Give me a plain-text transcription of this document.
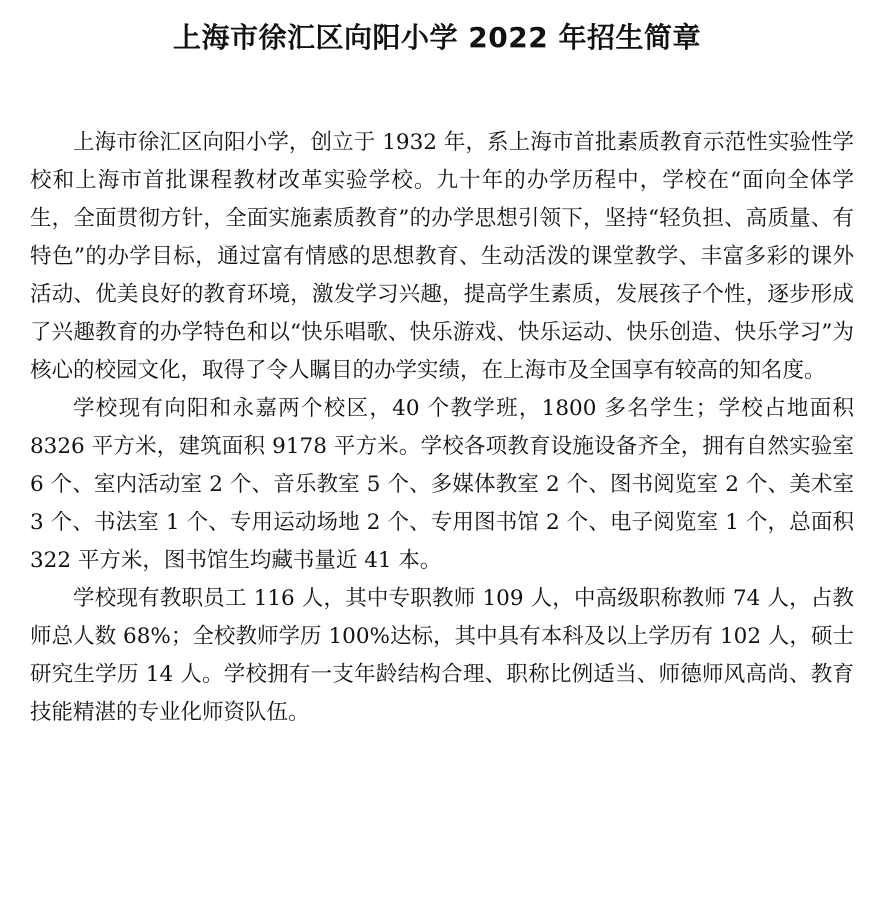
上海市徐汇区向阳小学 2022 年招生简章

上海市徐汇区向阳小学，创立于 1932 年，系上海市首批素质教育示范性实验性学校和上海市首批课程教材改革实验学校。九十年的办学历程中，学校在“面向全体学生，全面贯彻方针，全面实施素质教育”的办学思想引领下，坚持“轻负担、高质量、有特色”的办学目标，通过富有情感的思想教育、生动活泼的课堂教学、丰富多彩的课外活动、优美良好的教育环境，激发学习兴趣，提高学生素质，发展孩子个性，逐步形成了兴趣教育的办学特色和以“快乐唱歌、快乐游戏、快乐运动、快乐创造、快乐学习”为核心的校园文化，取得了令人瞩目的办学实绩，在上海市及全国享有较高的知名度。

学校现有向阳和永嘉两个校区，40 个教学班，1800 多名学生；学校占地面积 8326 平方米，建筑面积 9178 平方米。学校各项教育设施设备齐全，拥有自然实验室 6 个、室内活动室 2 个、音乐教室 5 个、多媒体教室 2 个、图书阅览室 2 个、美术室 3 个、书法室 1 个、专用运动场地 2 个、专用图书馆 2 个、电子阅览室 1 个，总面积 322 平方米，图书馆生均藏书量近 41 本。

学校现有教职员工 116 人，其中专职教师 109 人，中高级职称教师 74 人，占教师总人数 68%；全校教师学历 100%达标，其中具有本科及以上学历有 102 人，硕士研究生学历 14 人。学校拥有一支年龄结构合理、职称比例适当、师德师风高尚、教育技能精湛的专业化师资队伍。
